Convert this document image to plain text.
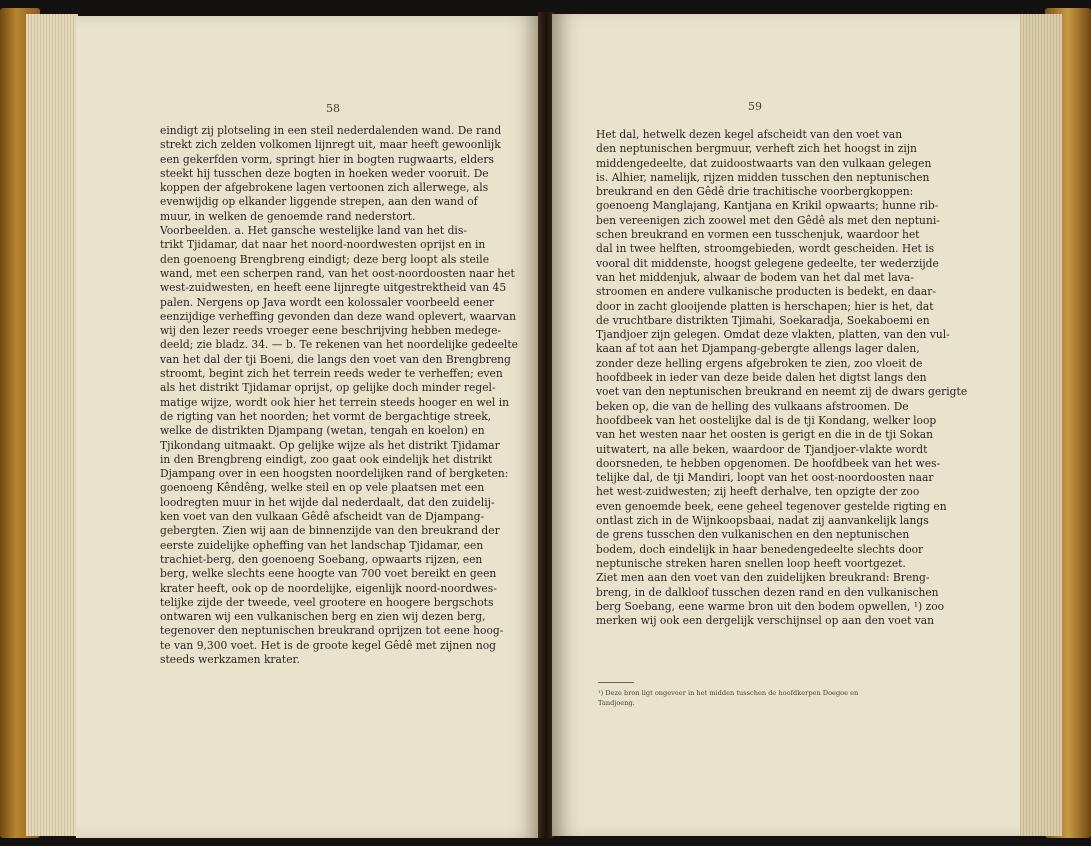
58
eindigt zij plotseling in een steil nederdalenden wand. De rand
strekt zich zelden volkomen lijnregt uit, maar heeft gewoonlijk
een gekerfden vorm, springt hier in bogten rugwaarts, elders
steekt hij tusschen deze bogten in hoeken weder vooruit. De
koppen der afgebrokene lagen vertoonen zich allerwege, als
evenwijdig op elkander liggende strepen, aan den wand of
muur, in welken de genoemde rand nederstort.
Voorbeelden. a. Het gansche westelijke land van het dis-
trikt Tjidamar, dat naar het noord-noordwesten oprijst en in
den goenoeng Brengbreng eindigt; deze berg loopt als steile
wand, met een scherpen rand, van het oost-noordoosten naar het
west-zuidwesten, en heeft eene lijnregte uitgestrektheid van 45
palen. Nergens op Java wordt een kolossaler voorbeeld eener
eenzijdige verheffing gevonden dan deze wand oplevert, waarvan
wij den lezer reeds vroeger eene beschrijving hebben medege-
deeld; zie bladz. 34. — b. Te rekenen van het noordelijke gedeelte
van het dal der tji Boeni, die langs den voet van den Brengbreng
stroomt, begint zich het terrein reeds weder te verheffen; even
als het distrikt Tjidamar oprijst, op gelijke doch minder regel-
matige wijze, wordt ook hier het terrein steeds hooger en wel in
de rigting van het noorden; het vormt de bergachtige streek,
welke de distrikten Djampang (wetan, tengah en koelon) en
Tjikondang uitmaakt. Op gelijke wijze als het distrikt Tjidamar
in den Brengbreng eindigt, zoo gaat ook eindelijk het distrikt
Djampang over in een hoogsten noordelijken rand of bergketen:
goenoeng Kêndêng, welke steil en op vele plaatsen met een
loodregten muur in het wijde dal nederdaalt, dat den zuidelij-
ken voet van den vulkaan Gêdê afscheidt van de Djampang-
gebergten. Zien wij aan de binnenzijde van den breukrand der
eerste zuidelijke opheffing van het landschap Tjidamar, een
trachiet-berg, den goenoeng Soebang, opwaarts rijzen, een
berg, welke slechts eene hoogte van 700 voet bereikt en geen
krater heeft, ook op de noordelijke, eigenlijk noord-noordwes-
telijke zijde der tweede, veel grootere en hoogere bergschots
ontwaren wij een vulkanischen berg en zien wij dezen berg,
tegenover den neptunischen breukrand oprijzen tot eene hoog-
te van 9,300 voet. Het is de groote kegel Gêdê met zijnen nog
steeds werkzamen krater.
59
Het dal, hetwelk dezen kegel afscheidt van den voet van
den neptunischen bergmuur, verheft zich het hoogst in zijn
middengedeelte, dat zuidoostwaarts van den vulkaan gelegen
is. Alhier, namelijk, rijzen midden tusschen den neptunischen
breukrand en den Gêdê drie trachitische voorbergkoppen:
goenoeng Manglajang, Kantjana en Krikil opwaarts; hunne rib-
ben vereenigen zich zoowel met den Gêdê als met den neptuni-
schen breukrand en vormen een tusschenjuk, waardoor het
dal in twee helften, stroomgebieden, wordt gescheiden. Het is
vooral dit middenste, hoogst gelegene gedeelte, ter wederzijde
van het middenjuk, alwaar de bodem van het dal met lava-
stroomen en andere vulkanische producten is bedekt, en daar-
door in zacht glooijende platten is herschapen; hier is het, dat
de vruchtbare distrikten Tjimahi, Soekaradja, Soekaboemi en
Tjandjoer zijn gelegen. Omdat deze vlakten, platten, van den vul-
kaan af tot aan het Djampang-gebergte allengs lager dalen,
zonder deze helling ergens afgebroken te zien, zoo vloeit de
hoofdbeek in ieder van deze beide dalen het digtst langs den
voet van den neptunischen breukrand en neemt zij de dwars gerigte
beken op, die van de helling des vulkaans afstroomen. De
hoofdbeek van het oostelijke dal is de tji Kondang, welker loop
van het westen naar het oosten is gerigt en die in de tji Sokan
uitwatert, na alle beken, waardoor de Tjandjoer-vlakte wordt
doorsneden, te hebben opgenomen. De hoofdbeek van het wes-
telijke dal, de tji Mandiri, loopt van het oost-noordoosten naar
het west-zuidwesten; zij heeft derhalve, ten opzigte der zoo
even genoemde beek, eene geheel tegenover gestelde rigting en
ontlast zich in de Wijnkoopsbaai, nadat zij aanvankelijk langs
de grens tusschen den vulkanischen en den neptunischen
bodem, doch eindelijk in haar benedengedeelte slechts door
neptunische streken haren snellen loop heeft voortgezet.
Ziet men aan den voet van den zuidelijken breukrand: Breng-
breng, in de dalkloof tusschen dezen rand en den vulkanischen
berg Soebang, eene warme bron uit den bodem opwellen, ¹) zoo
merken wij ook een dergelijk verschijnsel op aan den voet van
¹) Deze bron ligt ongeveer in het midden tusschen de hoofdkerpen Doegoe en
Tandjoeng.
